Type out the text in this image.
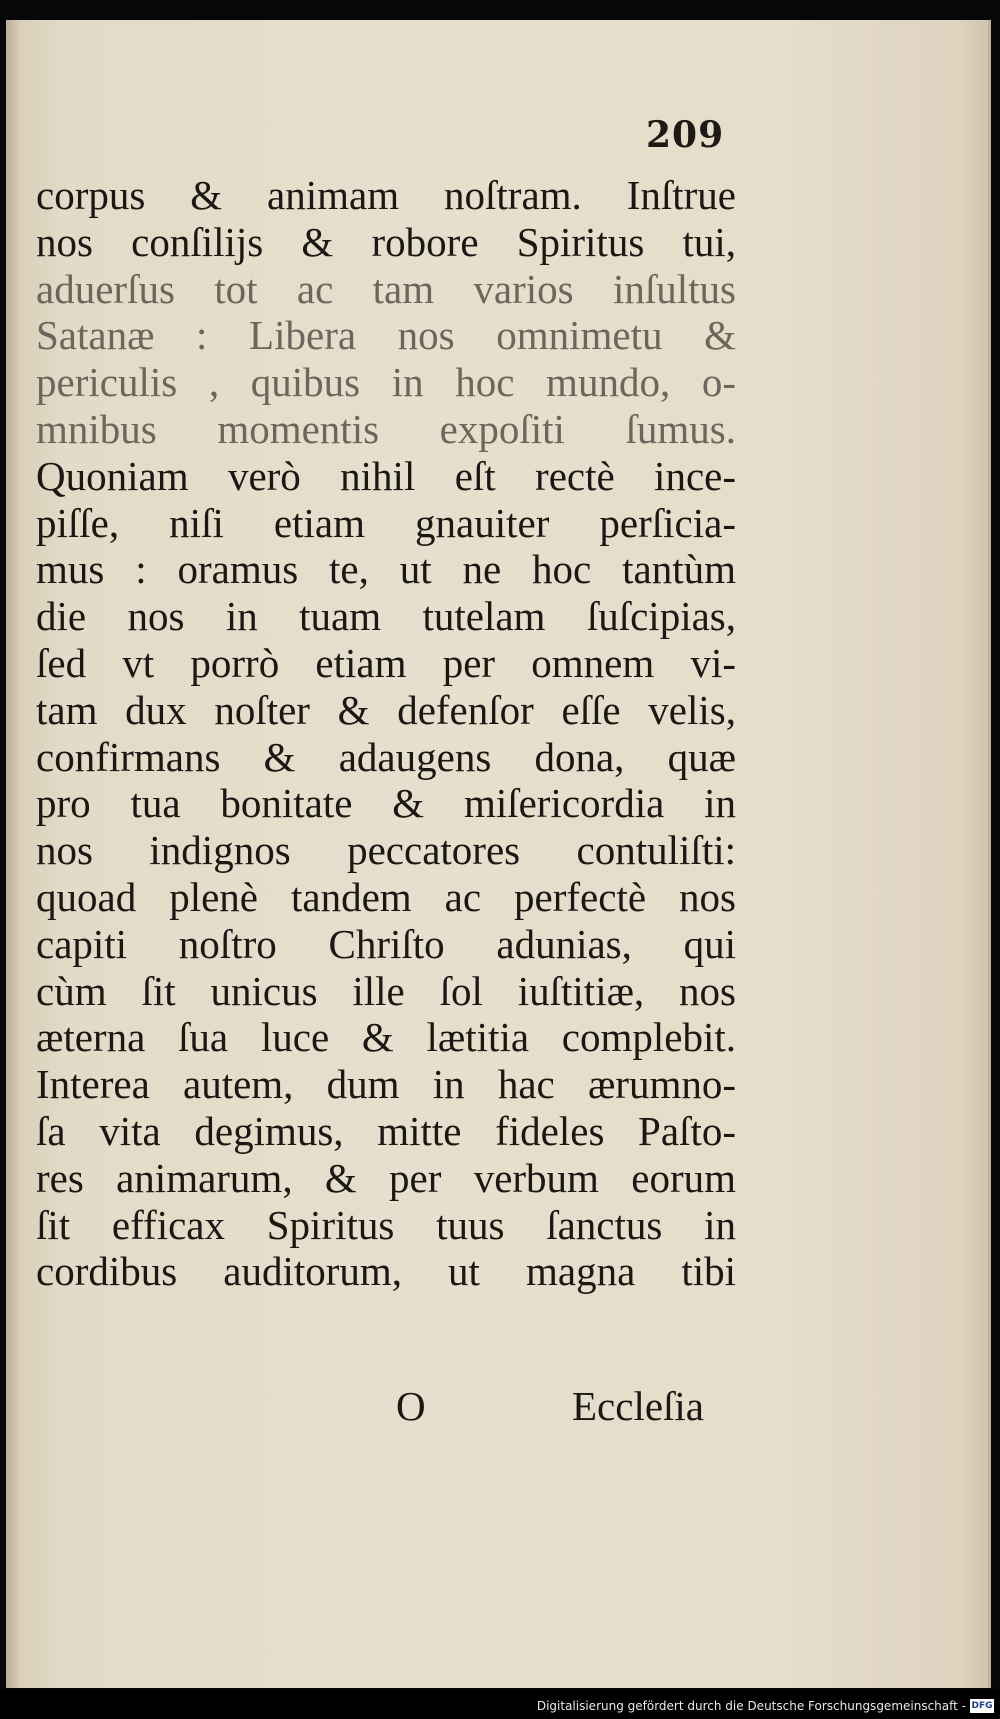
209
corpus & animam noſtram. Inſtrue
nos conſilijs & robore Spiritus tui,
aduerſus tot ac tam varios inſultus
Satanæ : Libera nos omnimetu &
periculis , quibus in hoc mundo, o-
mnibus momentis expoſiti ſumus.
Quoniam verò nihil eſt rectè ince-
piſſe, niſi etiam gnauiter perſicia-
mus : oramus te, ut ne hoc tantùm
die nos in tuam tutelam ſuſcipias,
ſed vt porrò etiam per omnem vi-
tam dux noſter & defenſor eſſe velis,
confirmans & adaugens dona, quæ
pro tua bonitate & miſericordia in
nos indignos peccatores contuliſti:
quoad plenè tandem ac perfectè nos
capiti noſtro Chriſto adunias, qui
cùm ſit unicus ille ſol iuſtitiæ, nos
æterna ſua luce & lætitia complebit.
Interea autem, dum in hac ærumno-
ſa vita degimus, mitte fideles Paſto-
res animarum, & per verbum eorum
ſit efficax Spiritus tuus ſanctus in
cordibus auditorum, ut magna tibi
O	Eccleſia
Digitalisierung gefördert durch die Deutsche Forschungsgemeinschaft - DFG
